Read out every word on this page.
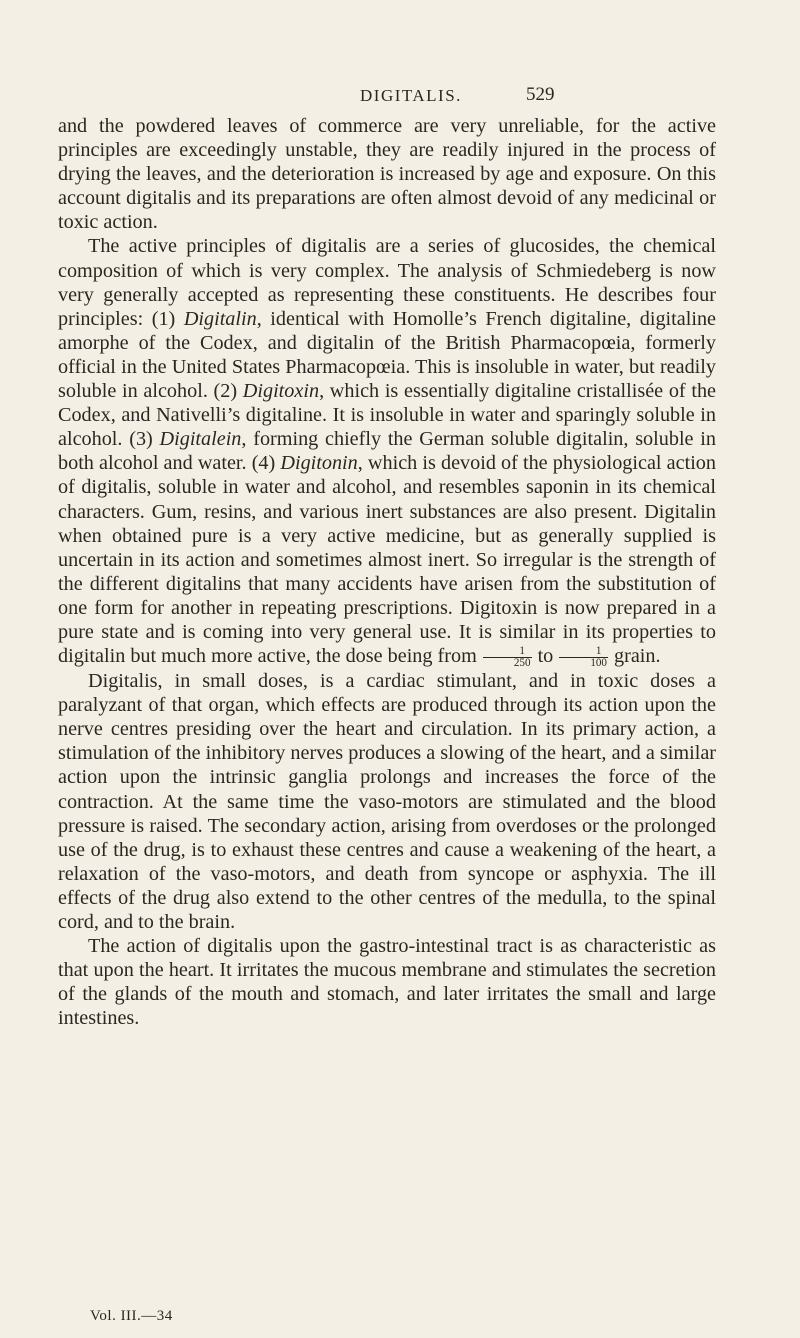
DIGITALIS.	529

and the powdered leaves of commerce are very unreliable, for the active principles are exceedingly unstable, they are readily injured in the process of drying the leaves, and the deterioration is increased by age and exposure. On this account digitalis and its preparations are often almost devoid of any medicinal or toxic action.

The active principles of digitalis are a series of glucosides, the chemical composition of which is very complex. The analysis of Schmiedeberg is now very generally accepted as representing these constituents. He describes four principles: (1) Digitalin, identical with Homolle’s French digitaline, digitaline amorphe of the Codex, and digitalin of the British Pharmacopœia, formerly official in the United States Pharmacopœia. This is insoluble in water, but readily soluble in alcohol. (2) Digitoxin, which is essentially digitaline cristallisée of the Codex, and Nativelli’s digitaline. It is insoluble in water and sparingly soluble in alcohol. (3) Digitalein, forming chiefly the German soluble digitalin, soluble in both alcohol and water. (4) Digitonin, which is devoid of the physiological action of digitalis, soluble in water and alcohol, and resembles saponin in its chemical characters. Gum, resins, and various inert substances are also present. Digitalin when obtained pure is a very active medicine, but as generally supplied is uncertain in its action and sometimes almost inert. So irregular is the strength of the different digitalins that many accidents have arisen from the substitution of one form for another in repeating prescriptions. Digitoxin is now prepared in a pure state and is coming into very general use. It is similar in its properties to digitalin but much more active, the dose being from $\frac{1}{250}$ to $\frac{1}{100}$ grain.

Digitalis, in small doses, is a cardiac stimulant, and in toxic doses a paralyzant of that organ, which effects are produced through its action upon the nerve centres presiding over the heart and circulation. In its primary action, a stimulation of the inhibitory nerves produces a slowing of the heart, and a similar action upon the intrinsic ganglia prolongs and increases the force of the contraction. At the same time the vaso-motors are stimulated and the blood pressure is raised. The secondary action, arising from overdoses or the prolonged use of the drug, is to exhaust these centres and cause a weakening of the heart, a relaxation of the vaso-motors, and death from syncope or asphyxia. The ill effects of the drug also extend to the other centres of the medulla, to the spinal cord, and to the brain.

The action of digitalis upon the gastro-intestinal tract is as characteristic as that upon the heart. It irritates the mucous membrane and stimulates the secretion of the glands of the mouth and stomach, and later irritates the small and large intestines.

Vol. III.—34
